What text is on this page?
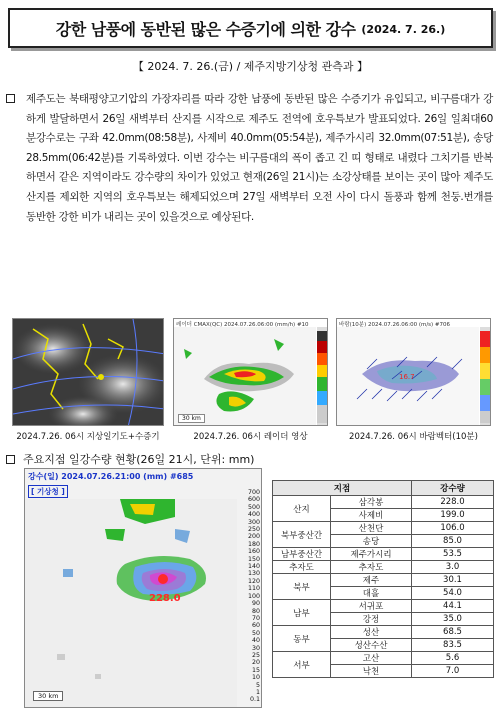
강한 남풍에 동반된 많은 수증기에 의한 강수 (2024. 7. 26.)
【 2024. 7. 26.(금) / 제주지방기상청 관측과 】

제주도는 북태평양고기압의 가장자리를 따라 강한 남풍에 동반된 많은 수증기가 유입되고, 비구름대가 강하게 발달하면서 26일 새벽부터 산지를 시작으로 제주도 전역에 호우특보가 발표되었다. 26일 일최대60분강수로는 구좌 42.0mm(08:58분), 사제비 40.0mm(05:54분), 제주가시리 32.0mm(07:51분), 송당 28.5mm(06:42분)를 기록하였다. 이번 강수는 비구름대의 폭이 좁고 긴 띠 형태로 내렸다 그치기를 반복하면서 같은 지역이라도 강수량의 차이가 있었고 현재(26일 21시)는 소강상태를 보이는 곳이 많아 제주도 산지를 제외한 지역의 호우특보는 해제되었으며 27일 새벽부터 오전 사이 다시 돌풍과 함께 천둥.번개를 동반한 강한 비가 내리는 곳이 있을것으로 예상된다.

2024.7.26. 06시 지상일기도+수증기
레이더 CMAX(QC) 2024.07.26.06:00 (mm/h) #10
30 km
2024.7.26. 06시 레이더 영상
바람(10분) 2024.07.26.06:00 (m/s) #706
16.7
2024.7.26. 06시 바람벡터(10분)
주요지점 일강수량 현황(26일 21시, 단위: mm)
강수(일) 2024.07.26.21:00 (mm) #685
[ 기상청 ]
228.0
700
600
500
400
300
250
200
180
160
150
140
130
120
110
100
90
80
70
60
50
40
30
25
20
15
10
5
1
0.1
30 km
지점		강수량
산지	삼각봉	228.0
	사제비	199.0
북부중산간	산천단	106.0
	송당	85.0
남부중산간	제주가시리	53.5
추자도	추자도	3.0
북부	제주	30.1
	대흘	54.0
남부	서귀포	44.1
	강정	35.0
동부	성산	68.5
	성산수산	83.5
서부	고산	5.6
	낙천	7.0
